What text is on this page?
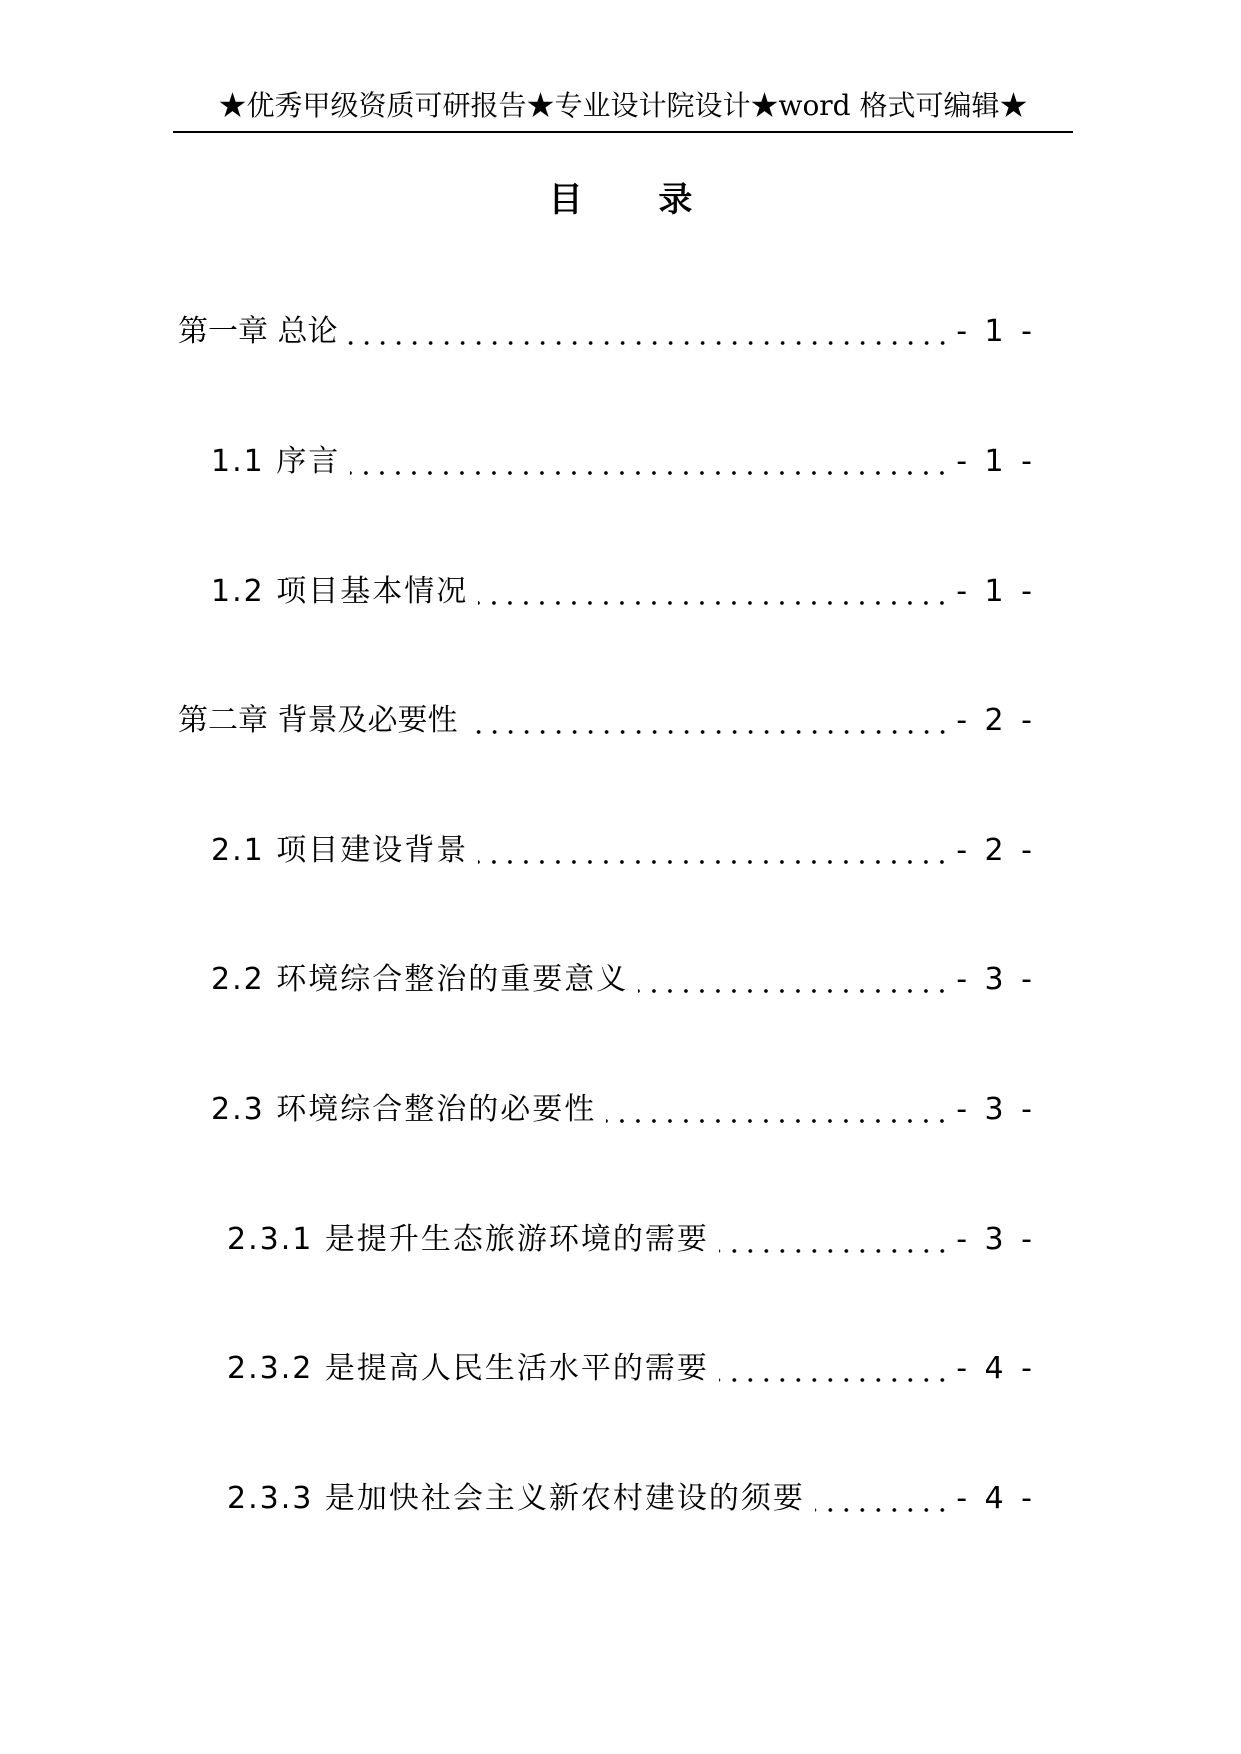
★优秀甲级资质可研报告★专业设计院设计★word 格式可编辑★
目 录
第一章 总论	- 1 -
1.1 序言	- 1 -
1.2 项目基本情况	- 1 -
第二章 背景及必要性	- 2 -
2.1 项目建设背景	- 2 -
2.2 环境综合整治的重要意义	- 3 -
2.3 环境综合整治的必要性	- 3 -
2.3.1 是提升生态旅游环境的需要	- 3 -
2.3.2 是提高人民生活水平的需要	- 4 -
2.3.3 是加快社会主义新农村建设的须要	- 4 -
